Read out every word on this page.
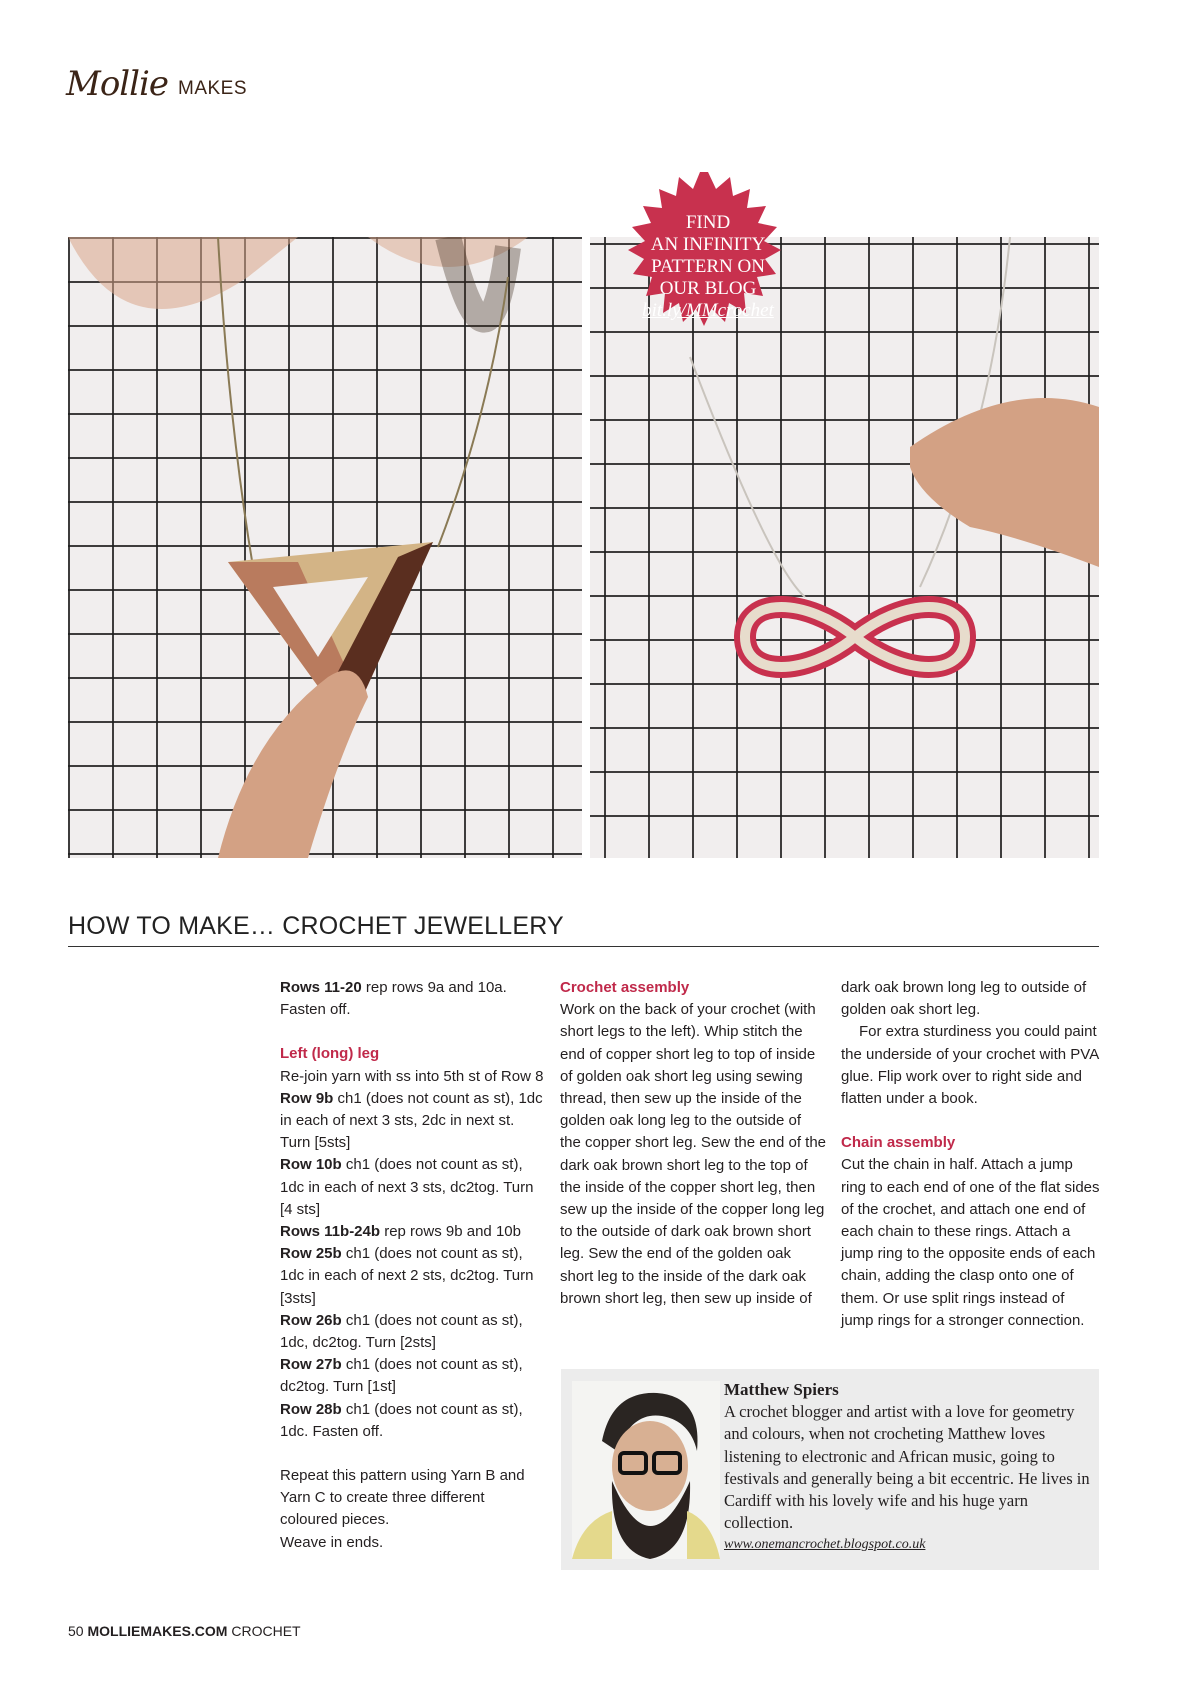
Mollie MAKES
FIND
AN INFINITY
PATTERN ON
OUR BLOG
bit.ly/MMcrochet
HOW TO MAKE… CROCHET JEWELLERY

Rows 11-20 rep rows 9a and 10a. Fasten off.

Left (long) leg

Re-join yarn with ss into 5th st of Row 8

Row 9b ch1 (does not count as st), 1dc in each of next 3 sts, 2dc in next st. Turn [5sts]

Row 10b ch1 (does not count as st), 1dc in each of next 3 sts, dc2tog. Turn [4 sts]

Rows 11b-24b rep rows 9b and 10b

Row 25b ch1 (does not count as st), 1dc in each of next 2 sts, dc2tog. Turn [3sts]

Row 26b ch1 (does not count as st), 1dc, dc2tog. Turn [2sts]

Row 27b ch1 (does not count as st), dc2tog. Turn [1st]

Row 28b ch1 (does not count as st), 1dc. Fasten off.

Repeat this pattern using Yarn B and Yarn C to create three different coloured pieces.

Weave in ends.

Crochet assembly

Work on the back of your crochet (with short legs to the left). Whip stitch the end of copper short leg to top of inside of golden oak short leg using sewing thread, then sew up the inside of the golden oak long leg to the outside of the copper short leg. Sew the end of the dark oak brown short leg to the top of the inside of the copper short leg, then sew up the inside of the copper long leg to the outside of dark oak brown short leg. Sew the end of the golden oak short leg to the inside of the dark oak brown short leg, then sew up inside of

dark oak brown long leg to outside of golden oak short leg.

For extra sturdiness you could paint the underside of your crochet with PVA glue. Flip work over to right side and flatten under a book.

Chain assembly

Cut the chain in half. Attach a jump ring to each end of one of the flat sides of the crochet, and attach one end of each chain to these rings. Attach a jump ring to the opposite ends of each chain, adding the clasp onto one of them. Or use split rings instead of jump rings for a stronger connection.

Matthew Spiers
A crochet blogger and artist with a love for geometry and colours, when not crocheting Matthew loves listening to electronic and African music, going to festivals and generally being a bit eccentric. He lives in Cardiff with his lovely wife and his huge yarn collection.
www.onemancrochet.blogspot.co.uk
50 MOLLIEMAKES.COM CROCHET
